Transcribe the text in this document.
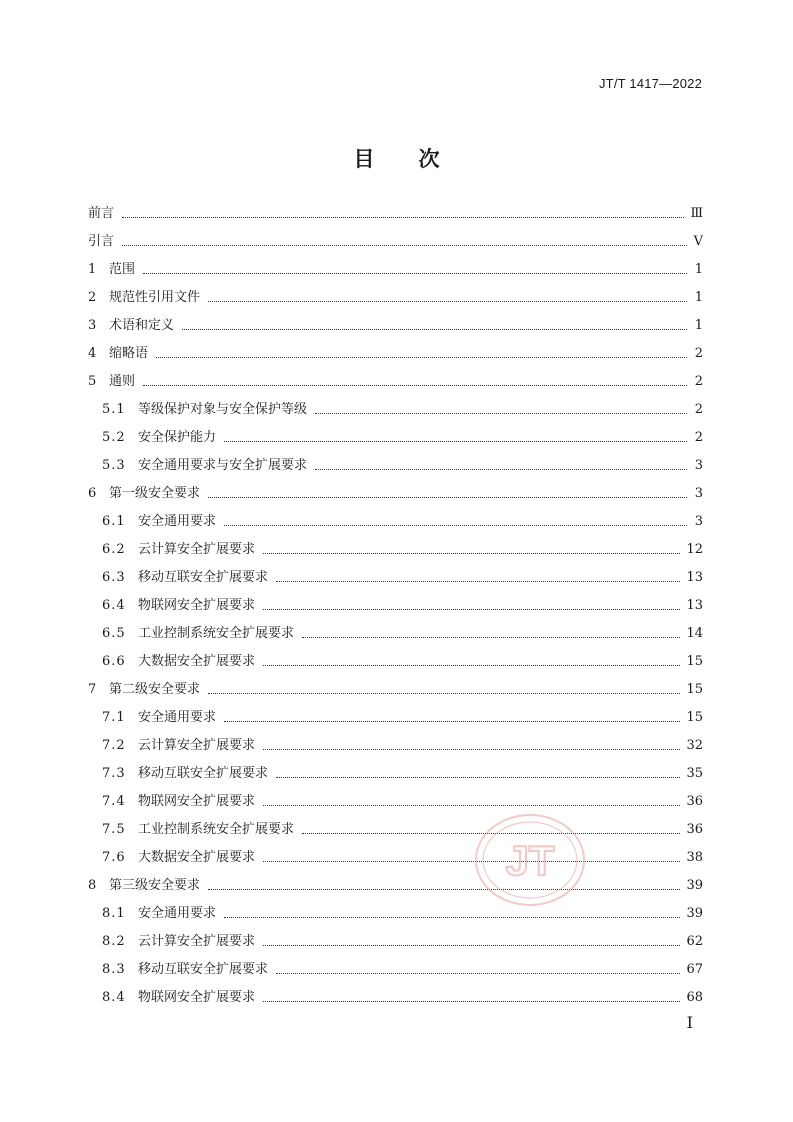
JT/T 1417—2022
目 次
前言	Ⅲ
引言	Ⅴ
1 范围	1
2 规范性引用文件	1
3 术语和定义	1
4 缩略语	2
5 通则	2
5.1 等级保护对象与安全保护等级	2
5.2 安全保护能力	2
5.3 安全通用要求与安全扩展要求	3
6 第一级安全要求	3
6.1 安全通用要求	3
6.2 云计算安全扩展要求	12
6.3 移动互联安全扩展要求	13
6.4 物联网安全扩展要求	13
6.5 工业控制系统安全扩展要求	14
6.6 大数据安全扩展要求	15
7 第二级安全要求	15
7.1 安全通用要求	15
7.2 云计算安全扩展要求	32
7.3 移动互联安全扩展要求	35
7.4 物联网安全扩展要求	36
7.5 工业控制系统安全扩展要求	36
7.6 大数据安全扩展要求	38
8 第三级安全要求	39
8.1 安全通用要求	39
8.2 云计算安全扩展要求	62
8.3 移动互联安全扩展要求	67
8.4 物联网安全扩展要求	68
JT
I
